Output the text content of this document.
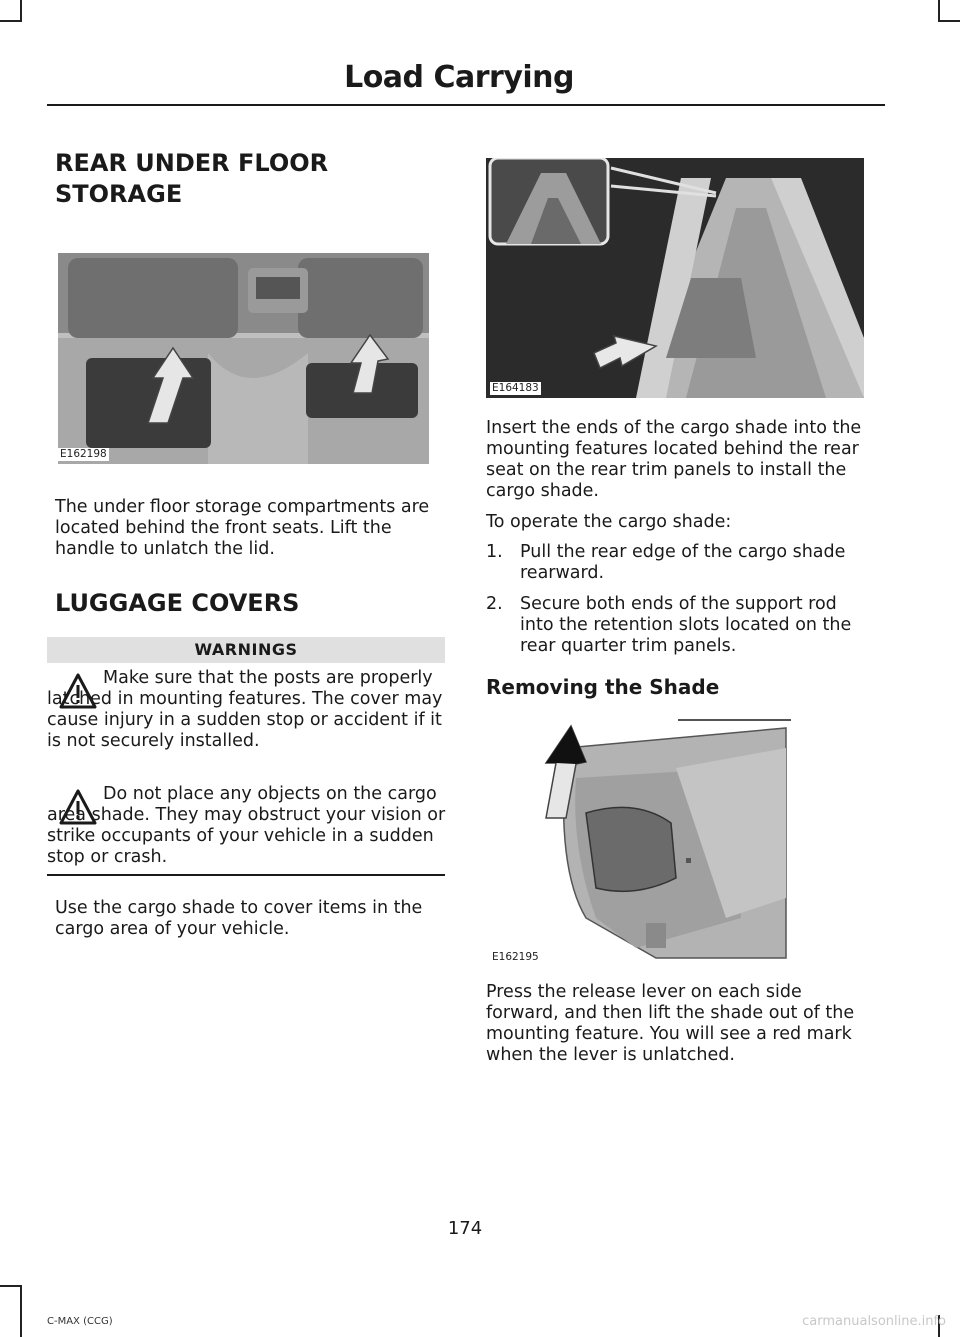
Load Carrying
REAR UNDER FLOOR
STORAGE
E162198

The under floor storage compartments are located behind the front seats. Lift the handle to unlatch the lid.

LUGGAGE COVERS
WARNINGS

Make sure that the posts are properly latched in mounting features. The cover may cause injury in a sudden stop or accident if it is not securely installed.

Do not place any objects on the cargo area shade. They may obstruct your vision or strike occupants of your vehicle in a sudden stop or crash.

Use the cargo shade to cover items in the cargo area of your vehicle.

E164183

Insert the ends of the cargo shade into the mounting features located behind the rear seat on the rear trim panels to install the cargo shade.

To operate the cargo shade:

1. Pull the rear edge of the cargo shade rearward.
2. Secure both ends of the support rod into the retention slots located on the rear quarter trim panels.
Removing the Shade
E162195

Press the release lever on each side forward, and then lift the shade out of the mounting feature. You will see a red mark when the lever is unlatched.

174
C-MAX (CCG)	carmanualsonline.info
